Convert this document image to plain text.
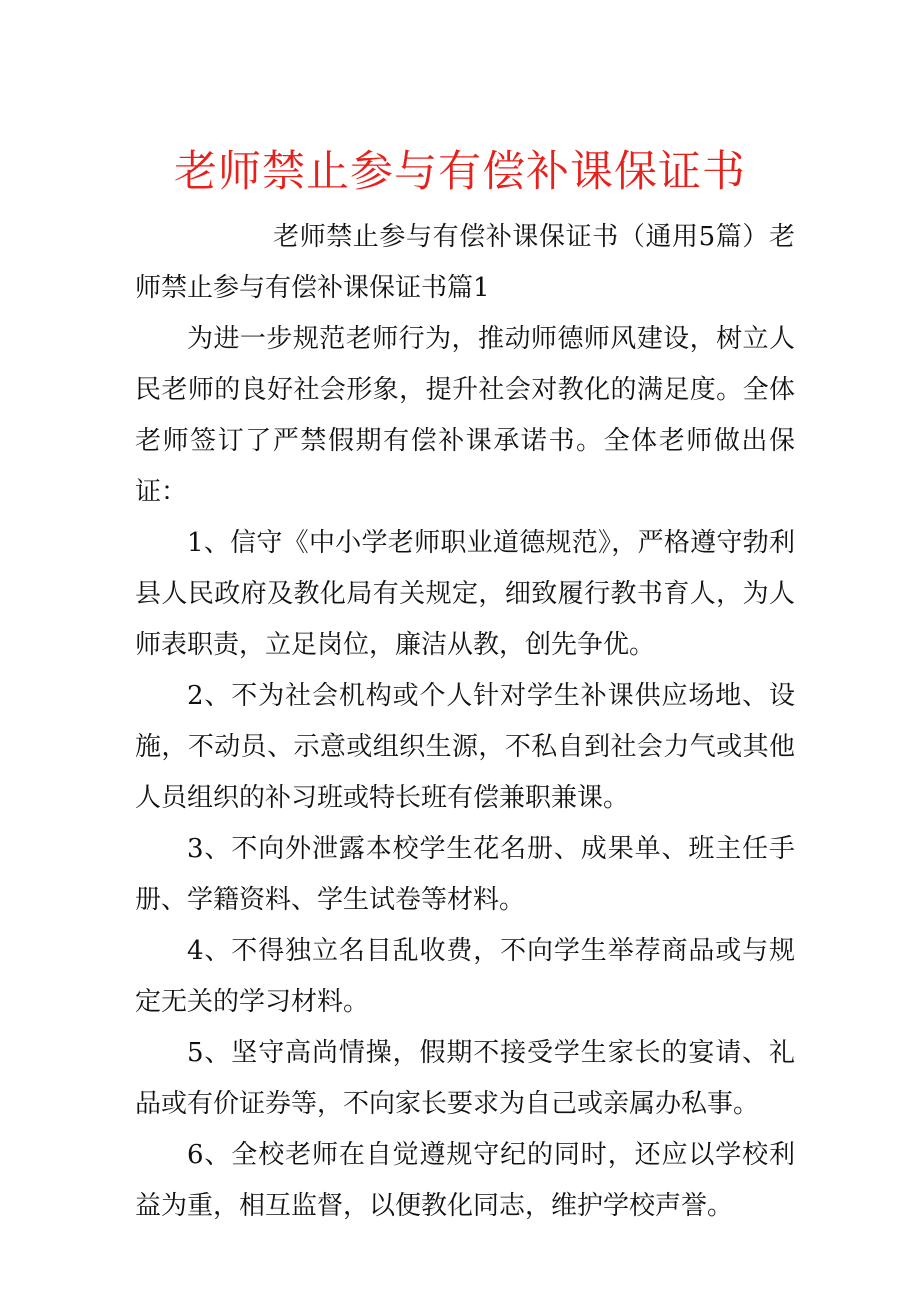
老师禁止参与有偿补课保证书

老师禁止参与有偿补课保证书（通用5篇）老师禁止参与有偿补课保证书篇1

为进一步规范老师行为，推动师德师风建设，树立人民老师的良好社会形象，提升社会对教化的满足度。全体老师签订了严禁假期有偿补课承诺书。全体老师做出保证：

1、信守《中小学老师职业道德规范》，严格遵守勃利县人民政府及教化局有关规定，细致履行教书育人，为人师表职责，立足岗位，廉洁从教，创先争优。

2、不为社会机构或个人针对学生补课供应场地、设施，不动员、示意或组织生源，不私自到社会力气或其他人员组织的补习班或特长班有偿兼职兼课。

3、不向外泄露本校学生花名册、成果单、班主任手册、学籍资料、学生试卷等材料。

4、不得独立名目乱收费，不向学生举荐商品或与规定无关的学习材料。

5、坚守高尚情操，假期不接受学生家长的宴请、礼品或有价证券等，不向家长要求为自己或亲属办私事。

6、全校老师在自觉遵规守纪的同时，还应以学校利益为重，相互监督，以便教化同志，维护学校声誉。
